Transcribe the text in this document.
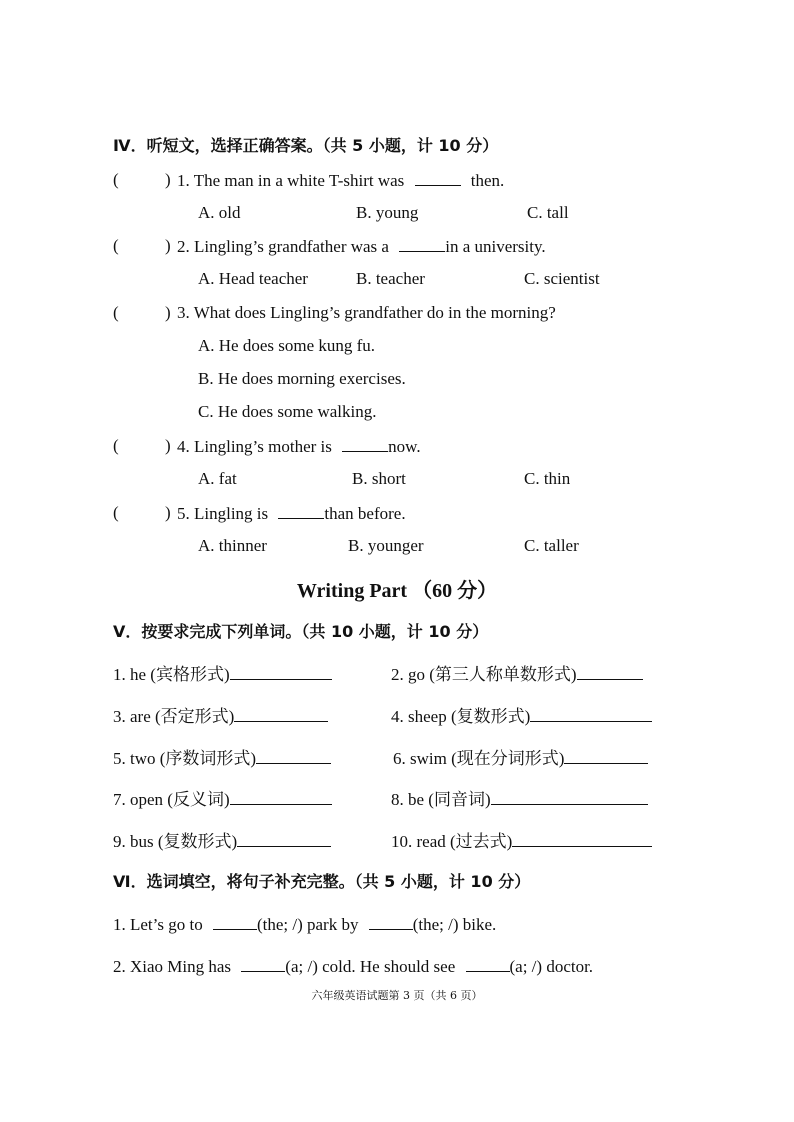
Ⅳ．听短文，选择正确答案。（共 5 小题，计 10 分）
(	) 1. The man in a white T-shirt was	then.
A. old	B. young	C. tall
(	) 2. Lingling’s grandfather was a	in a university.
A. Head teacher	B. teacher	C. scientist
(	) 3. What does Lingling’s grandfather do in the morning?
A. He does some kung fu.
B. He does morning exercises.
C. He does some walking.
(	) 4. Lingling’s mother is	now.
A. fat	B. short	C. thin
(	) 5. Lingling is	than before.
A. thinner	B. younger	C. taller
Writing Part （60 分）
Ⅴ．按要求完成下列单词。（共 10 小题，计 10 分）
1. he (宾格形式)	2. go (第三人称单数形式)
3. are (否定形式)	4. sheep (复数形式)
5. two (序数词形式)	6. swim (现在分词形式)
7. open (反义词)	8. be (同音词)
9. bus (复数形式)	10. read (过去式)
Ⅵ．选词填空，将句子补充完整。（共 5 小题，计 10 分）
1. Let’s go to	(the; /) park by	(the; /) bike.
2. Xiao Ming has	(a; /) cold. He should see	(a; /) doctor.
六年级英语试题第 3 页（共 6 页）
